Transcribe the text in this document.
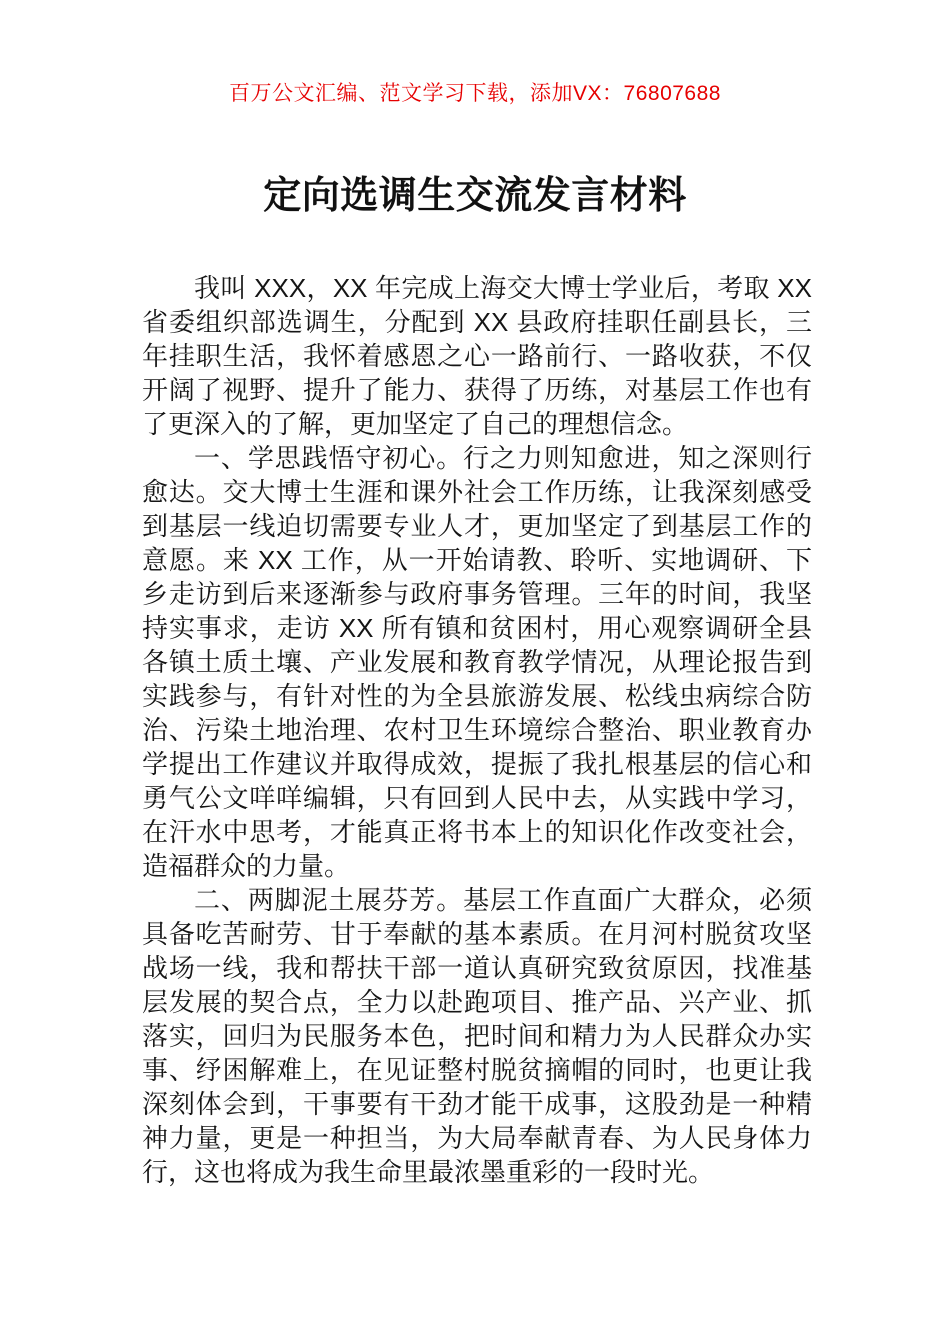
百万公文汇编、范文学习下载，添加VX：76807688
定向选调生交流发言材料

我叫 XXX，XX 年完成上海交大博士学业后，考取 XX 省委组织部选调生，分配到 XX 县政府挂职任副县长，三年挂职生活，我怀着感恩之心一路前行、一路收获，不仅开阔了视野、提升了能力、获得了历练，对基层工作也有了更深入的了解，更加坚定了自己的理想信念。

一、学思践悟守初心。行之力则知愈进，知之深则行愈达。交大博士生涯和课外社会工作历练，让我深刻感受到基层一线迫切需要专业人才，更加坚定了到基层工作的意愿。来 XX 工作，从一开始请教、聆听、实地调研、下乡走访到后来逐渐参与政府事务管理。三年的时间，我坚持实事求，走访 XX 所有镇和贫困村，用心观察调研全县各镇土质土壤、产业发展和教育教学情况，从理论报告到实践参与，有针对性的为全县旅游发展、松线虫病综合防治、污染土地治理、农村卫生环境综合整治、职业教育办学提出工作建议并取得成效，提振了我扎根基层的信心和勇气公文咩咩编辑，只有回到人民中去，从实践中学习，在汗水中思考，才能真正将书本上的知识化作改变社会，造福群众的力量。

二、两脚泥土展芬芳。基层工作直面广大群众，必须具备吃苦耐劳、甘于奉献的基本素质。在月河村脱贫攻坚战场一线，我和帮扶干部一道认真研究致贫原因，找准基层发展的契合点，全力以赴跑项目、推产品、兴产业、抓落实，回归为民服务本色，把时间和精力为人民群众办实事、纾困解难上，在见证整村脱贫摘帽的同时，也更让我深刻体会到，干事要有干劲才能干成事，这股劲是一种精神力量，更是一种担当，为大局奉献青春、为人民身体力行，这也将成为我生命里最浓墨重彩的一段时光。
